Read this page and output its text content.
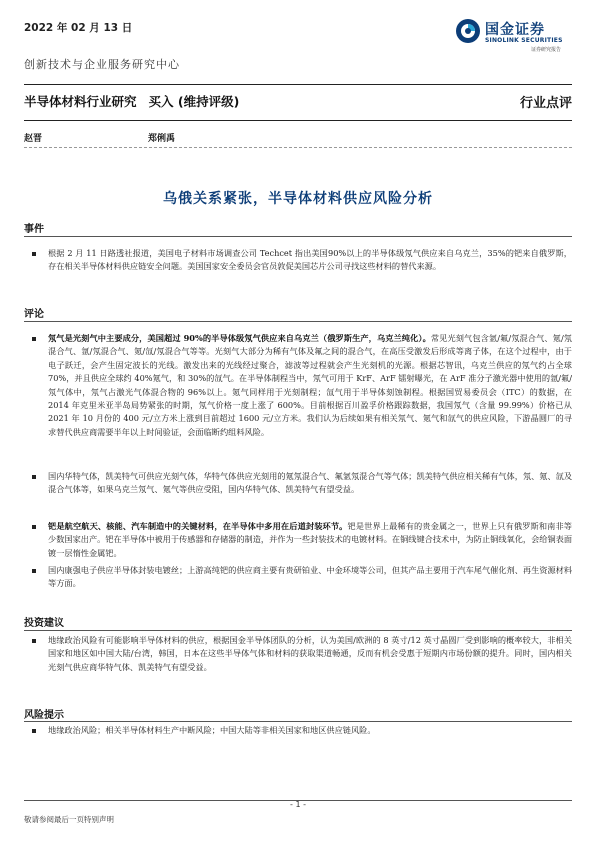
2022 年 02 月 13 日	国金证券
SINOLINK SECURITIES
证券研究报告
创新技术与企业服务研究中心
半导体材料行业研究 买入 (维持评级)	行业点评
赵晋	郑俐禹
乌俄关系紧张，半导体材料供应风险分析
事件
根据 2 月 11 日路透社报道，美国电子材料市场调查公司 Techcet 指出美国90%以上的半导体级氖气供应来自乌克兰，35%的钯来自俄罗斯，存在相关半导体材料供应链安全问题。美国国家安全委员会官员敦促美国芯片公司寻找这些材料的替代来源。
评论
氖气是光刻气中主要成分，美国超过 90%的半导体级氖气供应来自乌克兰（俄罗斯生产，乌克兰纯化）。常见光刻气包含氩/氟/氖混合气、氪/氖混合气、氩/氖混合气、氪/氙/氖混合气等等。光刻气大部分为稀有气体及氟之间的混合气，在高压受激发后形成等离子体，在这个过程中，由于电子跃迁，会产生固定波长的光线。激发出来的光线经过聚合，滤波等过程就会产生光刻机的光源。根据芯智讯，乌克兰供应的氖气约占全球 70%，并且供应全球约 40%氪气，和 30%的氙气。在半导体制程当中，氖气可用于 KrF、ArF 镭射曝光，在 ArF 准分子激光器中使用的氩/氟/氖气体中，氖气占激光气体混合物的 96%以上。氪气同样用于光刻制程；氙气用于半导体刻蚀制程。根据国贸易委员会（ITC）的数据，在 2014 年克里米亚半岛局势紧张的时期，氖气价格一度上涨了 600%。目前根据百川盈孚价格跟踪数据，我国氖气（含量 99.99%）价格已从 2021 年 10 月份的 400 元/立方米上涨到目前超过 1600 元/立方米。我们认为后续如果有相关氖气、氪气和氙气的供应风险，下游晶圆厂的寻求替代供应商需要半年以上时间验证，会面临断约组料风险。
国内华特气体，凯美特气可供应光刻气体，华特气体供应光刻用的氪氖混合气、氟氩氖混合气等气体；凯美特气供应相关稀有气体，氖、氪、氙及混合气体等，如果乌克兰氖气、氪气等供应受阻，国内华特气体、凯美特气有望受益。
钯是航空航天、核能、汽车制造中的关键材料，在半导体中多用在后道封装环节。钯是世界上最稀有的贵金属之一，世界上只有俄罗斯和南非等少数国家出产。钯在半导体中被用于传感器和存储器的制造，并作为一些封装技术的电镀材料。在铜线键合技术中，为防止铜线氧化，会给铜表面镀一层惰性金属钯。
国内康强电子供应半导体封装电镀丝；上游高纯钯的供应商主要有贵研铂业、中金环境等公司，但其产品主要用于汽车尾气催化剂、再生资源材料等方面。
投资建议
地缘政治风险有可能影响半导体材料的供应，根据国金半导体团队的分析，认为美国/欧洲的 8 英寸/12 英寸晶圆厂受到影响的概率较大，非相关国家和地区如中国大陆/台湾，韩国，日本在这些半导体气体和材料的获取渠道畅通，反而有机会受惠于短期内市场份额的提升。同时，国内相关光刻气供应商华特气体、凯美特气有望受益。
风险提示
地缘政治风险；相关半导体材料生产中断风险；中国大陆等非相关国家和地区供应链风险。
- 1 -
敬请参阅最后一页特别声明
